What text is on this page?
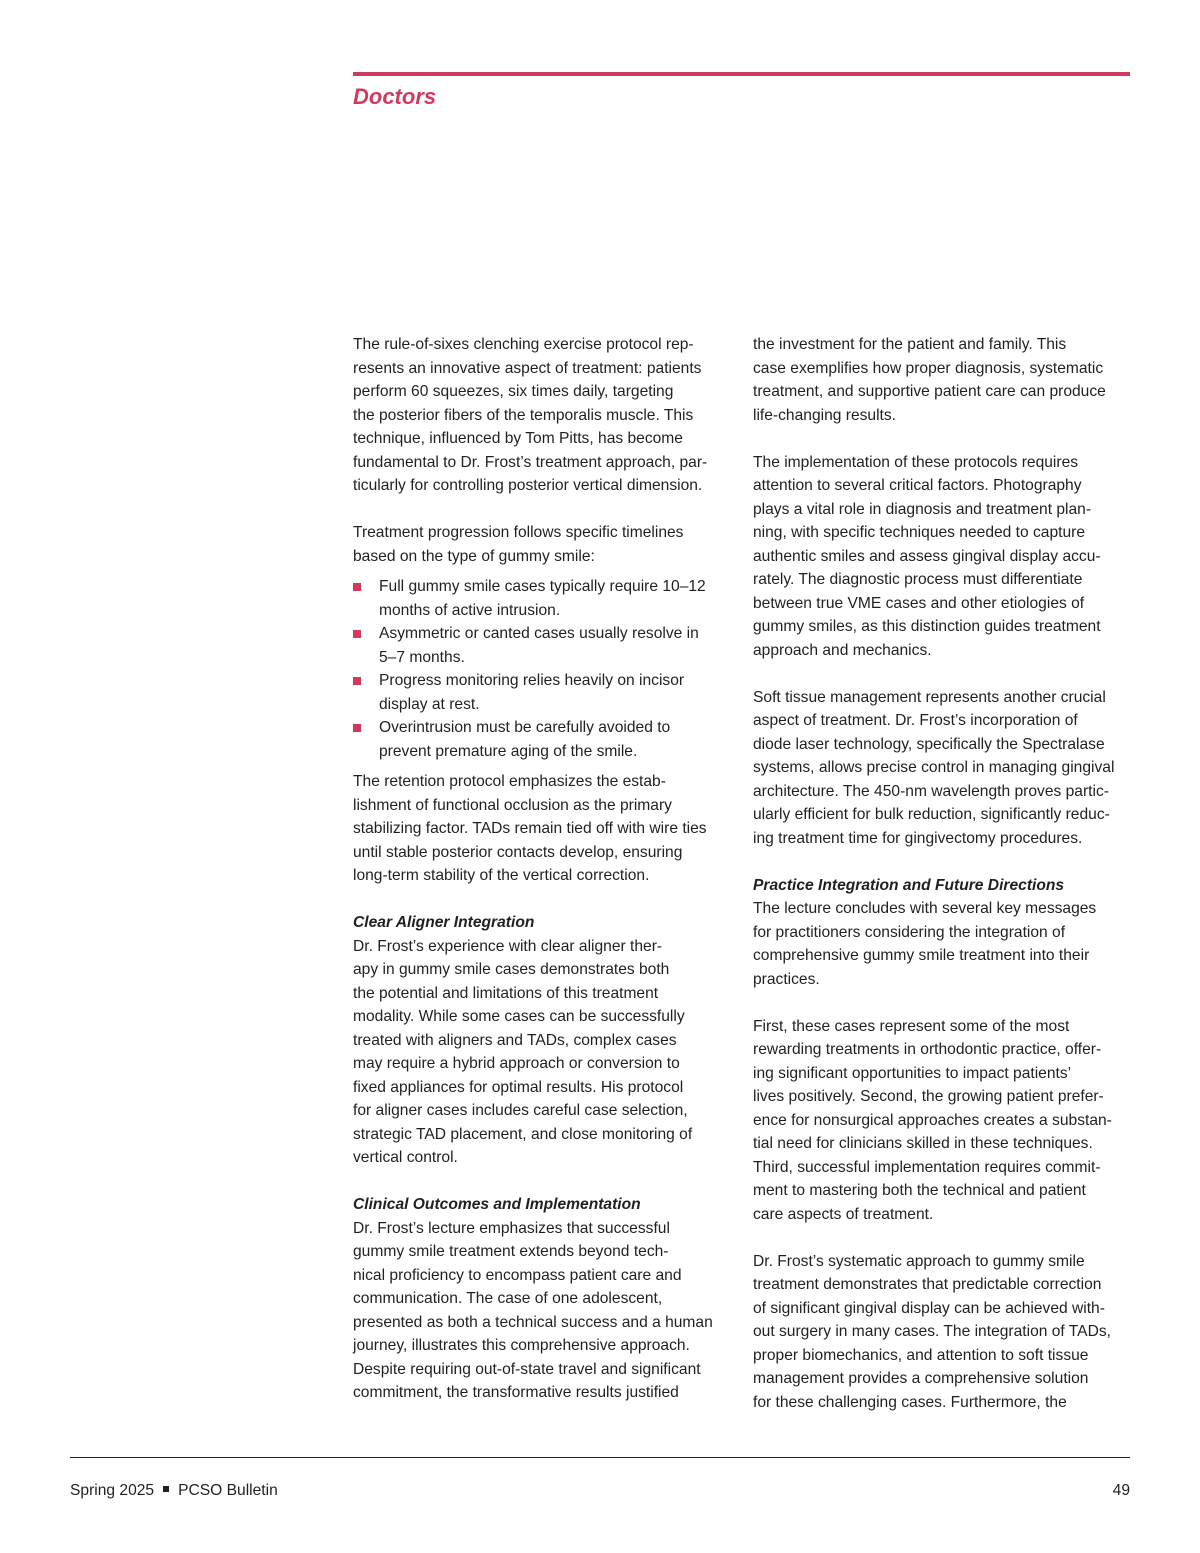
Doctors

The rule-of-sixes clenching exercise protocol rep-
resents an innovative aspect of treatment: patients
perform 60 squeezes, six times daily, targeting
the posterior fibers of the temporalis muscle. This
technique, influenced by Tom Pitts, has become
fundamental to Dr. Frost’s treatment approach, par-
ticularly for controlling posterior vertical dimension.

Treatment progression follows specific timelines
based on the type of gummy smile:

Full gummy smile cases typically require 10–12
months of active intrusion.
Asymmetric or canted cases usually resolve in
5–7 months.
Progress monitoring relies heavily on incisor
display at rest.
Overintrusion must be carefully avoided to
prevent premature aging of the smile.

The retention protocol emphasizes the estab-
lishment of functional occlusion as the primary
stabilizing factor. TADs remain tied off with wire ties
until stable posterior contacts develop, ensuring
long-term stability of the vertical correction.

Clear Aligner Integration

Dr. Frost’s experience with clear aligner ther-
apy in gummy smile cases demonstrates both
the potential and limitations of this treatment
modality. While some cases can be successfully
treated with aligners and TADs, complex cases
may require a hybrid approach or conversion to
fixed appliances for optimal results. His protocol
for aligner cases includes careful case selection,
strategic TAD placement, and close monitoring of
vertical control.

Clinical Outcomes and Implementation

Dr. Frost’s lecture emphasizes that successful
gummy smile treatment extends beyond tech-
nical proficiency to encompass patient care and
communication. The case of one adolescent,
presented as both a technical success and a human
journey, illustrates this comprehensive approach.
Despite requiring out-of-state travel and significant
commitment, the transformative results justified

the investment for the patient and family. This
case exemplifies how proper diagnosis, systematic
treatment, and supportive patient care can produce
life-changing results.

The implementation of these protocols requires
attention to several critical factors. Photography
plays a vital role in diagnosis and treatment plan-
ning, with specific techniques needed to capture
authentic smiles and assess gingival display accu-
rately. The diagnostic process must differentiate
between true VME cases and other etiologies of
gummy smiles, as this distinction guides treatment
approach and mechanics.

Soft tissue management represents another crucial
aspect of treatment. Dr. Frost’s incorporation of
diode laser technology, specifically the Spectralase
systems, allows precise control in managing gingival
architecture. The 450-nm wavelength proves partic-
ularly efficient for bulk reduction, significantly reduc-
ing treatment time for gingivectomy procedures.

Practice Integration and Future Directions

The lecture concludes with several key messages
for practitioners considering the integration of
comprehensive gummy smile treatment into their
practices.

First, these cases represent some of the most
rewarding treatments in orthodontic practice, offer-
ing significant opportunities to impact patients’
lives positively. Second, the growing patient prefer-
ence for nonsurgical approaches creates a substan-
tial need for clinicians skilled in these techniques.
Third, successful implementation requires commit-
ment to mastering both the technical and patient
care aspects of treatment.

Dr. Frost’s systematic approach to gummy smile
treatment demonstrates that predictable correction
of significant gingival display can be achieved with-
out surgery in many cases. The integration of TADs,
proper biomechanics, and attention to soft tissue
management provides a comprehensive solution
for these challenging cases. Furthermore, the

Spring 2025 PCSO Bulletin	49
